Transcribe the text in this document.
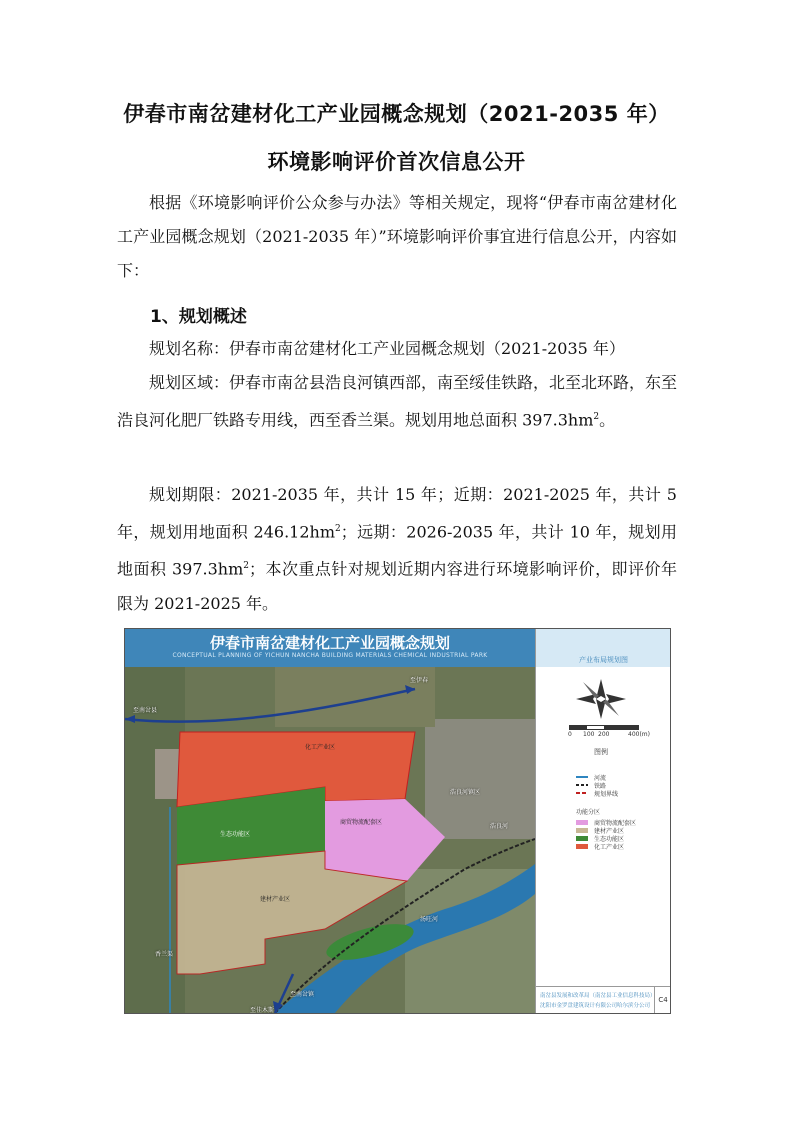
伊春市南岔建材化工产业园概念规划（2021-2035 年）
环境影响评价首次信息公开
根据《环境影响评价公众参与办法》等相关规定，现将“伊春市南岔建材化工产业园概念规划（2021-2035 年）”环境影响评价事宜进行信息公开，内容如下：
1、规划概述
规划名称：伊春市南岔建材化工产业园概念规划（2021-2035 年）
规划区域：伊春市南岔县浩良河镇西部，南至绥佳铁路，北至北环路，东至浩良河化肥厂铁路专用线，西至香兰渠。规划用地总面积 $397.3hm^2$。
规划期限：2021-2035 年，共计 15 年；近期：2021-2025 年，共计 5 年，规划用地面积 $246.12hm^2$；远期：2026-2035 年，共计 10 年，规划用地面积 $397.3hm^2$；本次重点针对规划近期内容进行环境影响评价，即评价年限为 2021-2025 年。
伊春市南岔建材化工产业园概念规划
CONCEPTUAL PLANNING OF YICHUN NANCHA BUILDING MATERIALS CHEMICAL INDUSTRIAL PARK
化工产业区
生态功能区
建材产业区
商贸物流配套区
浩良河镇区
汤旺河
至南岔县
至伊春
香兰渠
至佳木斯
至南岔镇
浩良河
产业布局规划图
0 100 200	400(m)
图例
河流
铁路
规划界线
功能分区
商贸物流配套区
建材产业区
生态功能区
化工产业区
南岔县发展和改革局（南岔县工业信息科技局）
沈阳市金罗盘建筑设计有限公司哈尔滨分公司
C4
